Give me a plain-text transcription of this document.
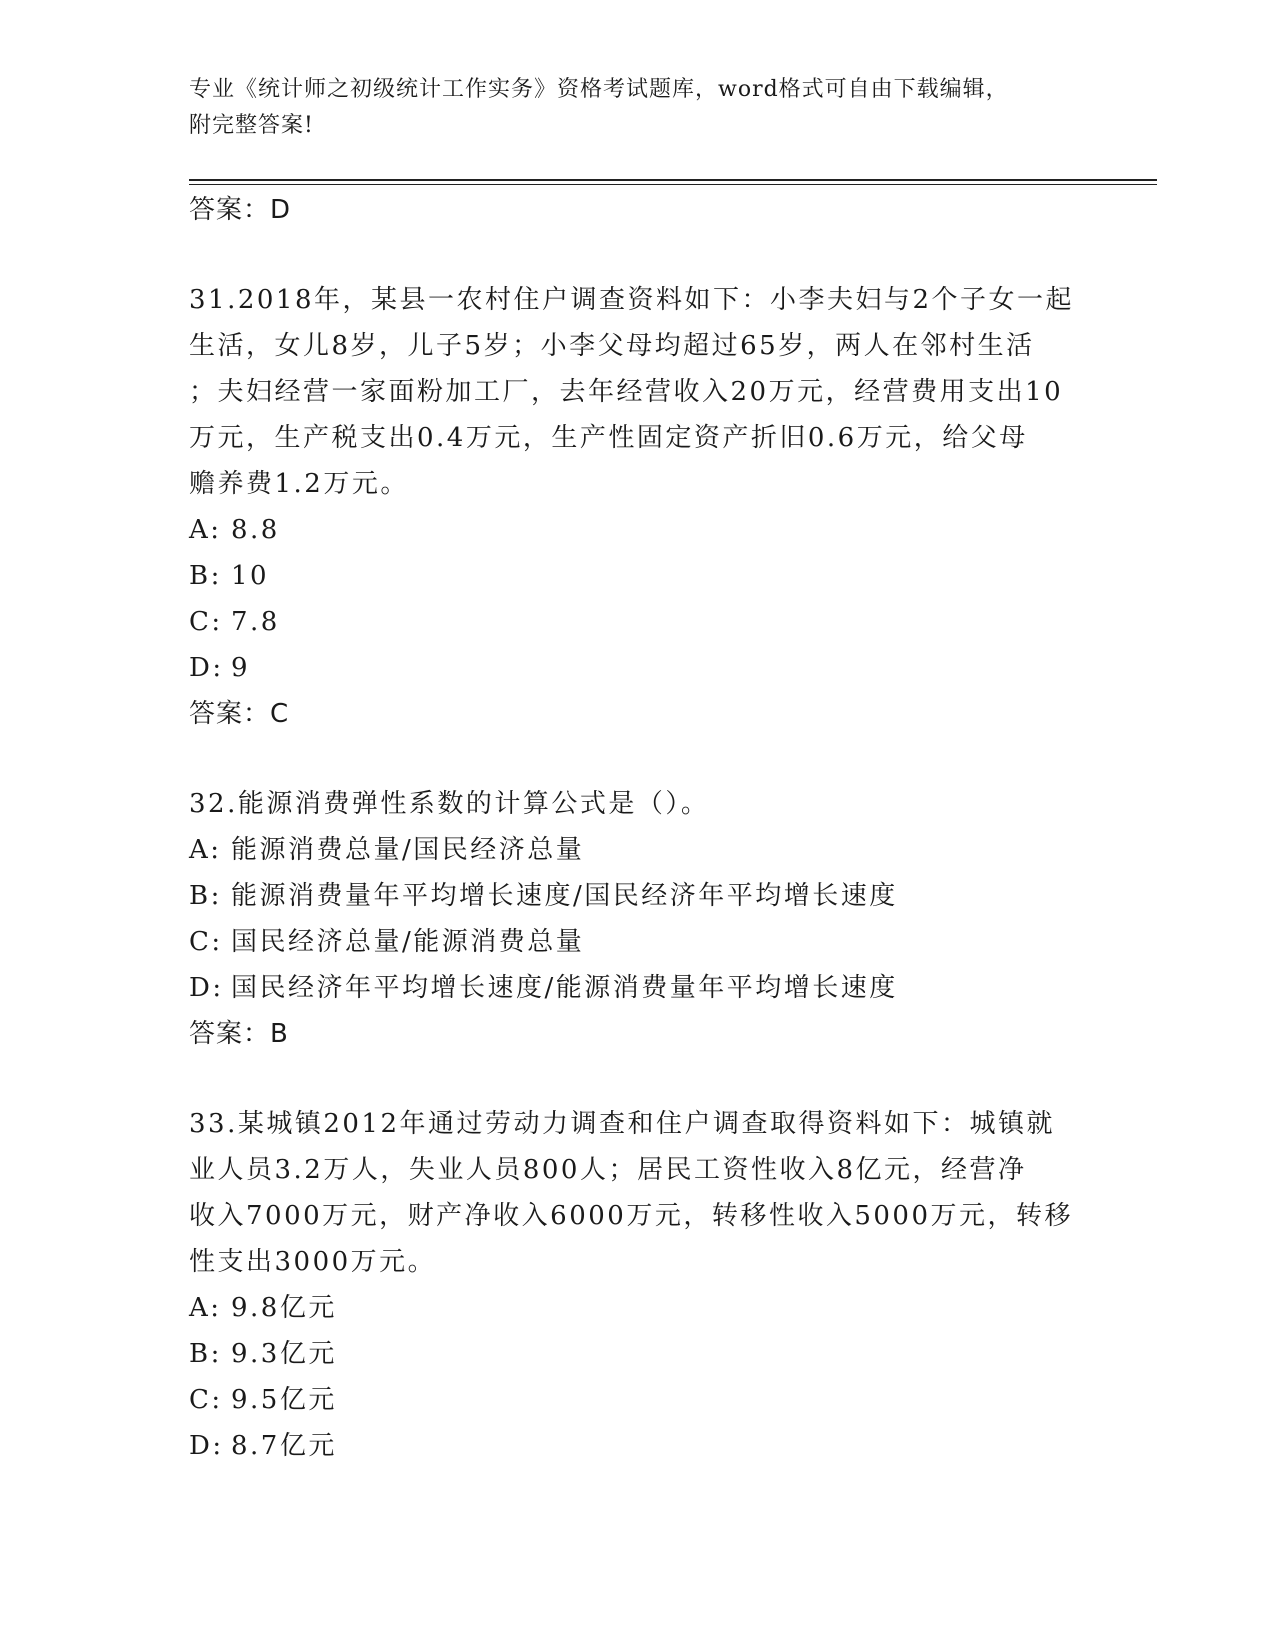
专业《统计师之初级统计工作实务》资格考试题库，word格式可自由下载编辑，
附完整答案!
答案：D
31.2018年，某县一农村住户调查资料如下：小李夫妇与2个子女一起
生活，女儿8岁，儿子5岁；小李父母均超过65岁，两人在邻村生活
；夫妇经营一家面粉加工厂，去年经营收入20万元，经营费用支出10
万元，生产税支出0.4万元，生产性固定资产折旧0.6万元，给父母
赡养费1.2万元。
A: 8.8
B: 10
C: 7.8
D: 9
答案：C
32.能源消费弹性系数的计算公式是（）。
A: 能源消费总量/国民经济总量
B: 能源消费量年平均增长速度/国民经济年平均增长速度
C: 国民经济总量/能源消费总量
D: 国民经济年平均增长速度/能源消费量年平均增长速度
答案：B
33.某城镇2012年通过劳动力调查和住户调查取得资料如下：城镇就
业人员3.2万人，失业人员800人；居民工资性收入8亿元，经营净
收入7000万元，财产净收入6000万元，转移性收入5000万元，转移
性支出3000万元。
A: 9.8亿元
B: 9.3亿元
C: 9.5亿元
D: 8.7亿元
